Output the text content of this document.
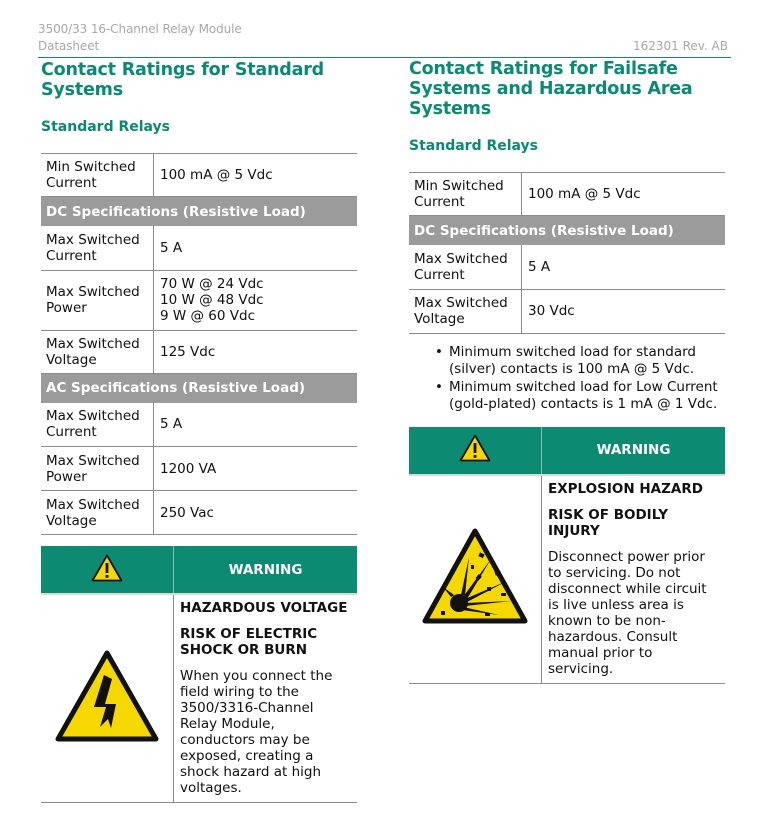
3500/33 16-Channel Relay Module
Datasheet	162301 Rev. AB
Contact Ratings for Standard Systems
Standard Relays
Min Switched Current	100 mA @ 5 Vdc
DC Specifications (Resistive Load)	
Max Switched Current	5 A
Max Switched Power	70 W @ 24 Vdc
10 W @ 48 Vdc
9 W @ 60 Vdc
Max Switched Voltage	125 Vdc
AC Specifications (Resistive Load)	
Max Switched Current	5 A
Max Switched Power	1200 VA
Max Switched Voltage	250 Vac
	WARNING

HAZARDOUS VOLTAGE

RISK OF ELECTRIC SHOCK OR BURN

When you connect the field wiring to the 3500/3316-Channel Relay Module, conductors may be exposed, creating a shock hazard at high voltages.

Contact Ratings for Failsafe Systems and Hazardous Area Systems
Standard Relays
Min Switched Current	100 mA @ 5 Vdc
DC Specifications (Resistive Load)	
Max Switched Current	5 A
Max Switched Voltage	30 Vdc
• Minimum switched load for standard (silver) contacts is 100 mA @ 5 Vdc.
• Minimum switched load for Low Current (gold-plated) contacts is 1 mA @ 1 Vdc.
	WARNING

EXPLOSION HAZARD

RISK OF BODILY INJURY

Disconnect power prior to servicing. Do not disconnect while circuit is live unless area is known to be non-hazardous. Consult manual prior to servicing.
